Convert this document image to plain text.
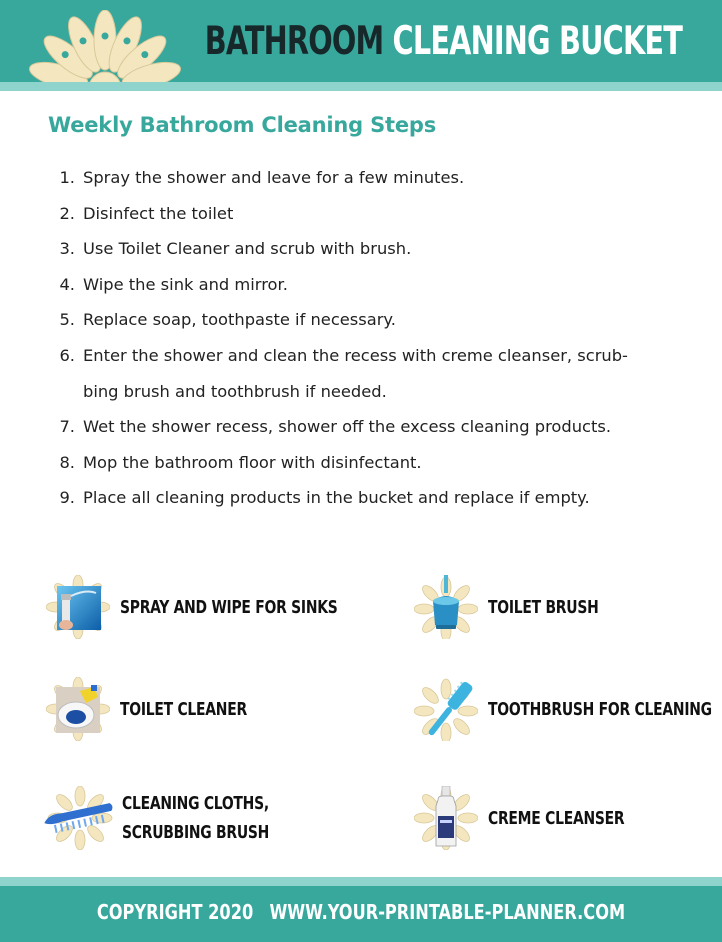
BATHROOM CLEANING BUCKET
Weekly Bathroom Cleaning Steps
1. Spray the shower and leave for a few minutes.
2. Disinfect the toilet
3. Use Toilet Cleaner and scrub with brush.
4. Wipe the sink and mirror.
5. Replace soap, toothpaste if necessary.
6. Enter the shower and clean the recess with creme cleanser, scrub-
bing brush and toothbrush if needed.
7. Wet the shower recess, shower off the excess cleaning products.
8. Mop the bathroom floor with disinfectant.
9. Place all cleaning products in the bucket and replace if empty.
SPRAY AND WIPE FOR SINKS	TOILET BRUSH
TOILET CLEANER	TOOTHBRUSH FOR CLEANING
CLEANING CLOTHS,
SCRUBBING BRUSH
CREME CLEANSER
COPYRIGHT 2020 WWW.YOUR-PRINTABLE-PLANNER.COM
